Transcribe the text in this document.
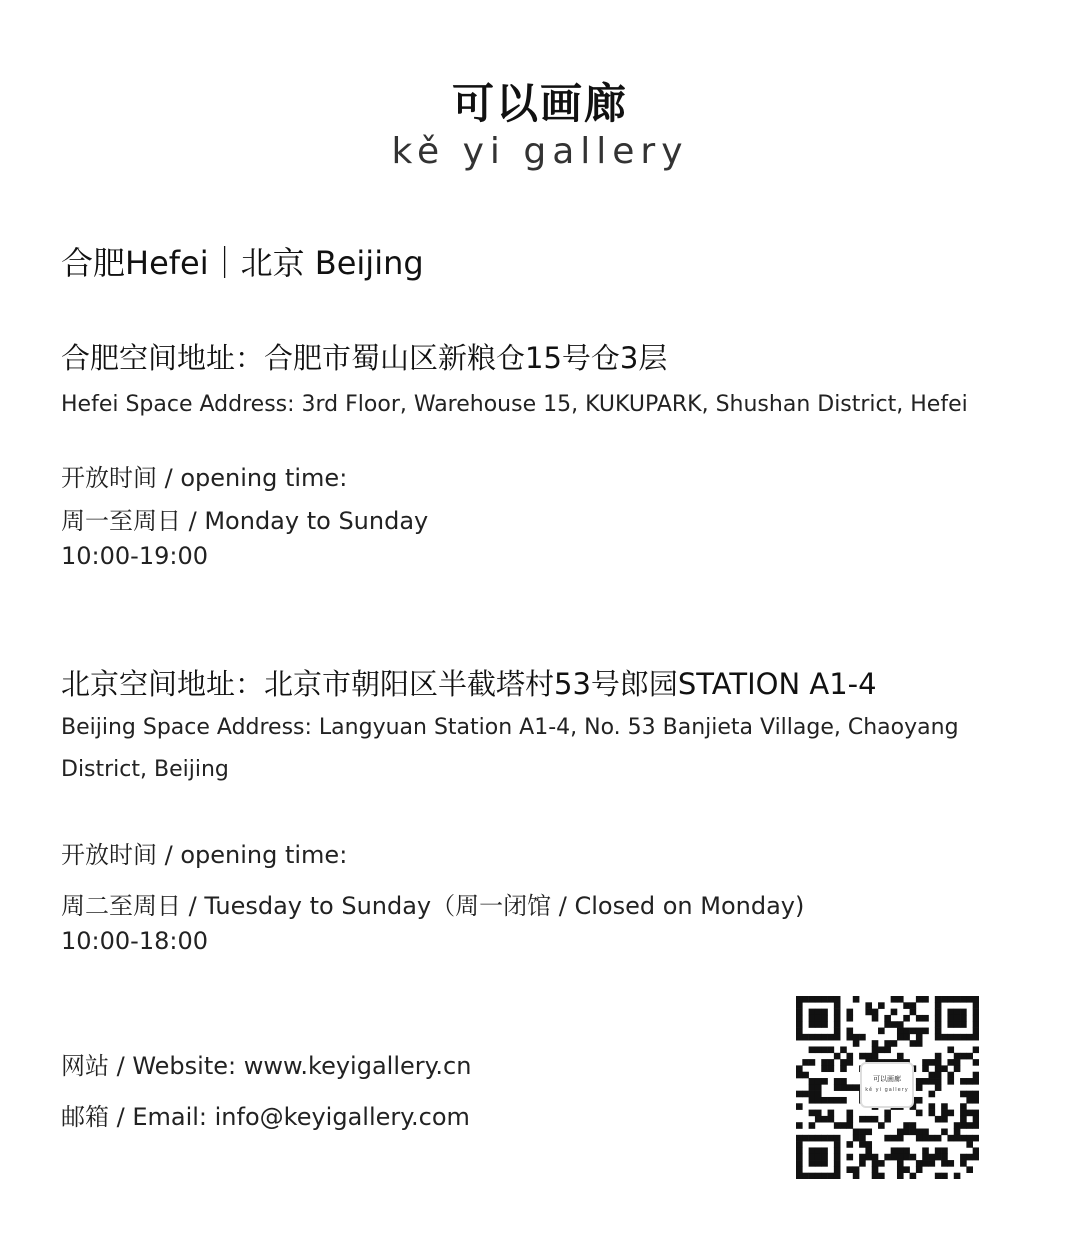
可以画廊
kě yi gallery
合肥Hefei｜北京 Beijing
合肥空间地址：合肥市蜀山区新粮仓15号仓3层
Hefei Space Address: 3rd Floor, Warehouse 15, KUKUPARK, Shushan District, Hefei
开放时间 / opening time:
周一至周日 / Monday to Sunday
10:00-19:00
北京空间地址：北京市朝阳区半截塔村53号郎园STATION A1-4
Beijing Space Address: Langyuan Station A1-4, No. 53 Banjieta Village, Chaoyang District, Beijing
开放时间 / opening time:
周二至周日 / Tuesday to Sunday（周一闭馆 / Closed on Monday)
10:00-18:00
网站 / Website: www.keyigallery.cn
邮箱 / Email: info@keyigallery.com
可以画廊
kě yi gallery
